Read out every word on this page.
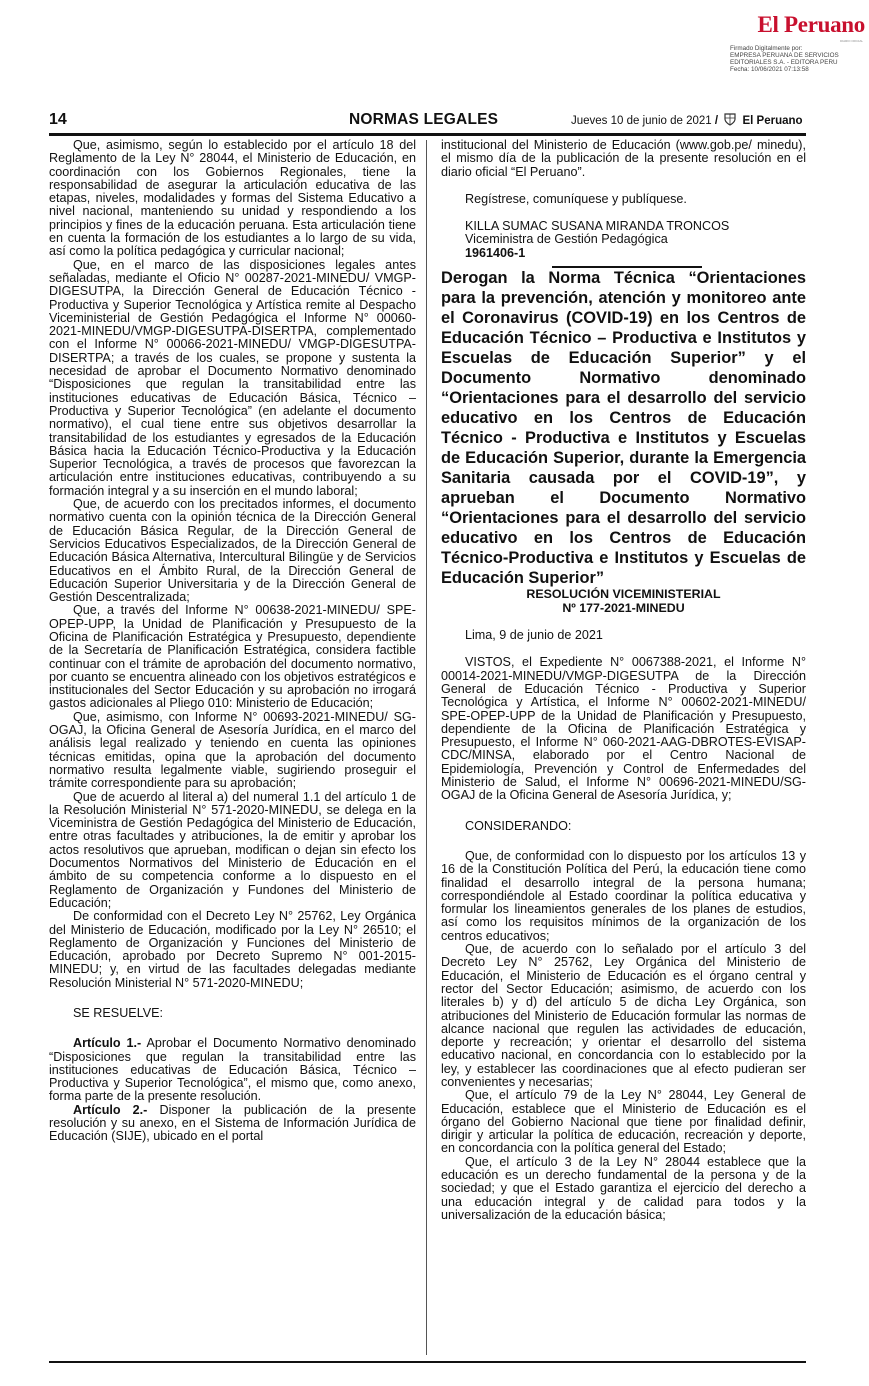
El Peruano
DIARIO OFICIAL
Firmado Digitalmente por:
EMPRESA PERUANA DE SERVICIOS
EDITORIALES S.A. - EDITORA PERU
Fecha: 10/06/2021 07:13:58
14	NORMAS LEGALES	Jueves 10 de junio de 2021 / El Peruano

Que, asimismo, según lo establecido por el artículo 18 del Reglamento de la Ley N° 28044, el Ministerio de Educación, en coordinación con los Gobiernos Regionales, tiene la responsabilidad de asegurar la articulación educativa de las etapas, niveles, modalidades y formas del Sistema Educativo a nivel nacional, manteniendo su unidad y respondiendo a los principios y fines de la educación peruana. Esta articulación tiene en cuenta la formación de los estudiantes a lo largo de su vida, así como la política pedagógica y curricular nacional;

Que, en el marco de las disposiciones legales antes señaladas, mediante el Oficio N° 00287-2021-MINEDU/ VMGP-DIGESUTPA, la Dirección General de Educación Técnico - Productiva y Superior Tecnológica y Artística remite al Despacho Viceministerial de Gestión Pedagógica el Informe N° 00060-2021-MINEDU/VMGP-DIGESUTPA-DISERTPA, complementado con el Informe N° 00066-2021-MINEDU/ VMGP-DIGESUTPA-DISERTPA; a través de los cuales, se propone y sustenta la necesidad de aprobar el Documento Normativo denominado “Disposiciones que regulan la transitabilidad entre las instituciones educativas de Educación Básica, Técnico – Productiva y Superior Tecnológica” (en adelante el documento normativo), el cual tiene entre sus objetivos desarrollar la transitabilidad de los estudiantes y egresados de la Educación Básica hacia la Educación Técnico-Productiva y la Educación Superior Tecnológica, a través de procesos que favorezcan la articulación entre instituciones educativas, contribuyendo a su formación integral y a su inserción en el mundo laboral;

Que, de acuerdo con los precitados informes, el documento normativo cuenta con la opinión técnica de la Dirección General de Educación Básica Regular, de la Dirección General de Servicios Educativos Especializados, de la Dirección General de Educación Básica Alternativa, Intercultural Bilingüe y de Servicios Educativos en el Ámbito Rural, de la Dirección General de Educación Superior Universitaria y de la Dirección General de Gestión Descentralizada;

Que, a través del Informe N° 00638-2021-MINEDU/ SPE-OPEP-UPP, la Unidad de Planificación y Presupuesto de la Oficina de Planificación Estratégica y Presupuesto, dependiente de la Secretaría de Planificación Estratégica, considera factible continuar con el trámite de aprobación del documento normativo, por cuanto se encuentra alineado con los objetivos estratégicos e institucionales del Sector Educación y su aprobación no irrogará gastos adicionales al Pliego 010: Ministerio de Educación;

Que, asimismo, con Informe N° 00693-2021-MINEDU/ SG-OGAJ, la Oficina General de Asesoría Jurídica, en el marco del análisis legal realizado y teniendo en cuenta las opiniones técnicas emitidas, opina que la aprobación del documento normativo resulta legalmente viable, sugiriendo proseguir el trámite correspondiente para su aprobación;

Que de acuerdo al literal a) del numeral 1.1 del artículo 1 de la Resolución Ministerial N° 571-2020-MINEDU, se delega en la Viceministra de Gestión Pedagógica del Ministerio de Educación, entre otras facultades y atribuciones, la de emitir y aprobar los actos resolutivos que aprueban, modifican o dejan sin efecto los Documentos Normativos del Ministerio de Educación en el ámbito de su competencia conforme a lo dispuesto en el Reglamento de Organización y Fundones del Ministerio de Educación;

De conformidad con el Decreto Ley N° 25762, Ley Orgánica del Ministerio de Educación, modificado por la Ley N° 26510; el Reglamento de Organización y Funciones del Ministerio de Educación, aprobado por Decreto Supremo N° 001-2015-MINEDU; y, en virtud de las facultades delegadas mediante Resolución Ministerial N° 571-2020-MINEDU;

SE RESUELVE:

Artículo 1.- Aprobar el Documento Normativo denominado “Disposiciones que regulan la transitabilidad entre las instituciones educativas de Educación Básica, Técnico – Productiva y Superior Tecnológica”, el mismo que, como anexo, forma parte de la presente resolución.

Artículo 2.- Disponer la publicación de la presente resolución y su anexo, en el Sistema de Información Jurídica de Educación (SIJE), ubicado en el portal

institucional del Ministerio de Educación (www.gob.pe/ minedu), el mismo día de la publicación de la presente resolución en el diario oficial “El Peruano”.

Regístrese, comuníquese y publíquese.

KILLA SUMAC SUSANA MIRANDA TRONCOS

Viceministra de Gestión Pedagógica

1961406-1

Derogan la Norma Técnica “Orientaciones para la prevención, atención y monitoreo ante el Coronavirus (COVID-19) en los Centros de Educación Técnico – Productiva e Institutos y Escuelas de Educación Superior” y el Documento Normativo denominado “Orientaciones para el desarrollo del servicio educativo en los Centros de Educación Técnico - Productiva e Institutos y Escuelas de Educación Superior, durante la Emergencia Sanitaria causada por el COVID-19”, y aprueban el Documento Normativo “Orientaciones para el desarrollo del servicio educativo en los Centros de Educación Técnico-Productiva e Institutos y Escuelas de Educación Superior”

RESOLUCIÓN VICEMINISTERIAL
Nº 177-2021-MINEDU

Lima, 9 de junio de 2021

VISTOS, el Expediente N° 0067388-2021, el Informe N° 00014-2021-MINEDU/VMGP-DIGESUTPA de la Dirección General de Educación Técnico - Productiva y Superior Tecnológica y Artística, el Informe N° 00602-2021-MINEDU/ SPE-OPEP-UPP de la Unidad de Planificación y Presupuesto, dependiente de la Oficina de Planificación Estratégica y Presupuesto, el Informe N° 060-2021-AAG-DBROTES-EVISAP-CDC/MINSA, elaborado por el Centro Nacional de Epidemiología, Prevención y Control de Enfermedades del Ministerio de Salud, el Informe N° 00696-2021-MINEDU/SG-OGAJ de la Oficina General de Asesoría Jurídica, y;

CONSIDERANDO:

Que, de conformidad con lo dispuesto por los artículos 13 y 16 de la Constitución Política del Perú, la educación tiene como finalidad el desarrollo integral de la persona humana; correspondiéndole al Estado coordinar la política educativa y formular los lineamientos generales de los planes de estudios, así como los requisitos mínimos de la organización de los centros educativos;

Que, de acuerdo con lo señalado por el artículo 3 del Decreto Ley N° 25762, Ley Orgánica del Ministerio de Educación, el Ministerio de Educación es el órgano central y rector del Sector Educación; asimismo, de acuerdo con los literales b) y d) del artículo 5 de dicha Ley Orgánica, son atribuciones del Ministerio de Educación formular las normas de alcance nacional que regulen las actividades de educación, deporte y recreación; y orientar el desarrollo del sistema educativo nacional, en concordancia con lo establecido por la ley, y establecer las coordinaciones que al efecto pudieran ser convenientes y necesarias;

Que, el artículo 79 de la Ley N° 28044, Ley General de Educación, establece que el Ministerio de Educación es el órgano del Gobierno Nacional que tiene por finalidad definir, dirigir y articular la política de educación, recreación y deporte, en concordancia con la política general del Estado;

Que, el artículo 3 de la Ley N° 28044 establece que la educación es un derecho fundamental de la persona y de la sociedad; y que el Estado garantiza el ejercicio del derecho a una educación integral y de calidad para todos y la universalización de la educación básica;
